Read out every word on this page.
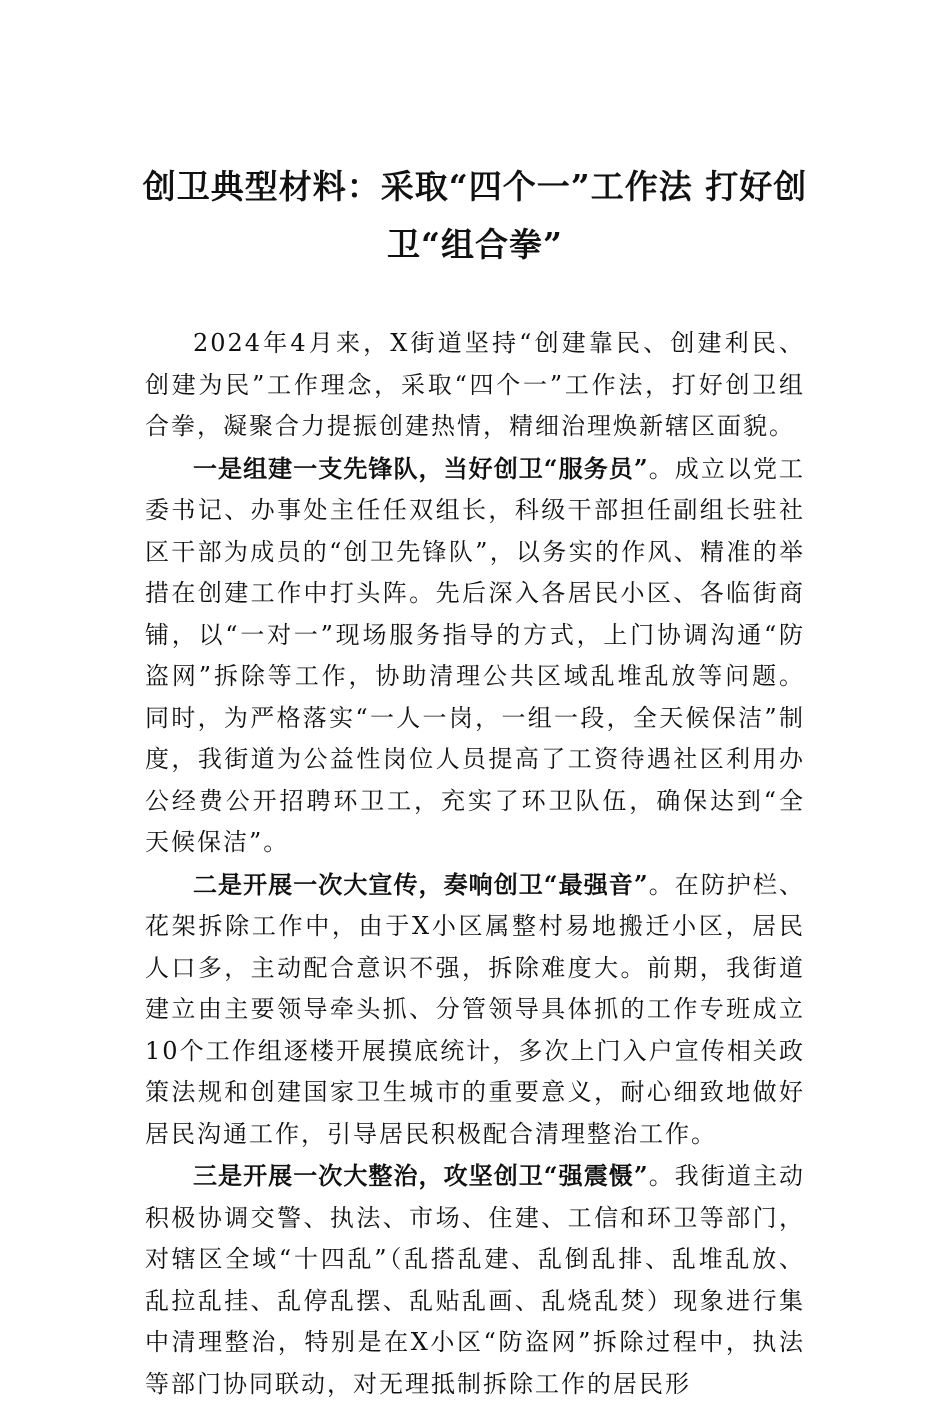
创卫典型材料：采取“四个一”工作法 打好创卫“组合拳”

2024年4月来，X街道坚持“创建靠民、创建利民、创建为民”工作理念，采取“四个一”工作法，打好创卫组合拳，凝聚合力提振创建热情，精细治理焕新辖区面貌。

一是组建一支先锋队，当好创卫“服务员”。成立以党工委书记、办事处主任任双组长，科级干部担任副组长驻社区干部为成员的“创卫先锋队”，以务实的作风、精准的举措在创建工作中打头阵。先后深入各居民小区、各临街商铺，以“一对一”现场服务指导的方式，上门协调沟通“防盗网”拆除等工作，协助清理公共区域乱堆乱放等问题。同时，为严格落实“一人一岗，一组一段，全天候保洁”制度，我街道为公益性岗位人员提高了工资待遇社区利用办公经费公开招聘环卫工，充实了环卫队伍，确保达到“全天候保洁”。

二是开展一次大宣传，奏响创卫“最强音”。在防护栏、花架拆除工作中，由于X小区属整村易地搬迁小区，居民人口多，主动配合意识不强，拆除难度大。前期，我街道建立由主要领导牵头抓、分管领导具体抓的工作专班成立10个工作组逐楼开展摸底统计，多次上门入户宣传相关政策法规和创建国家卫生城市的重要意义，耐心细致地做好居民沟通工作，引导居民积极配合清理整治工作。

三是开展一次大整治，攻坚创卫“强震慑”。我街道主动积极协调交警、执法、市场、住建、工信和环卫等部门，对辖区全域“十四乱”（乱搭乱建、乱倒乱排、乱堆乱放、乱拉乱挂、乱停乱摆、乱贴乱画、乱烧乱焚）现象进行集中清理整治，特别是在X小区“防盗网”拆除过程中，执法等部门协同联动，对无理抵制拆除工作的居民形
